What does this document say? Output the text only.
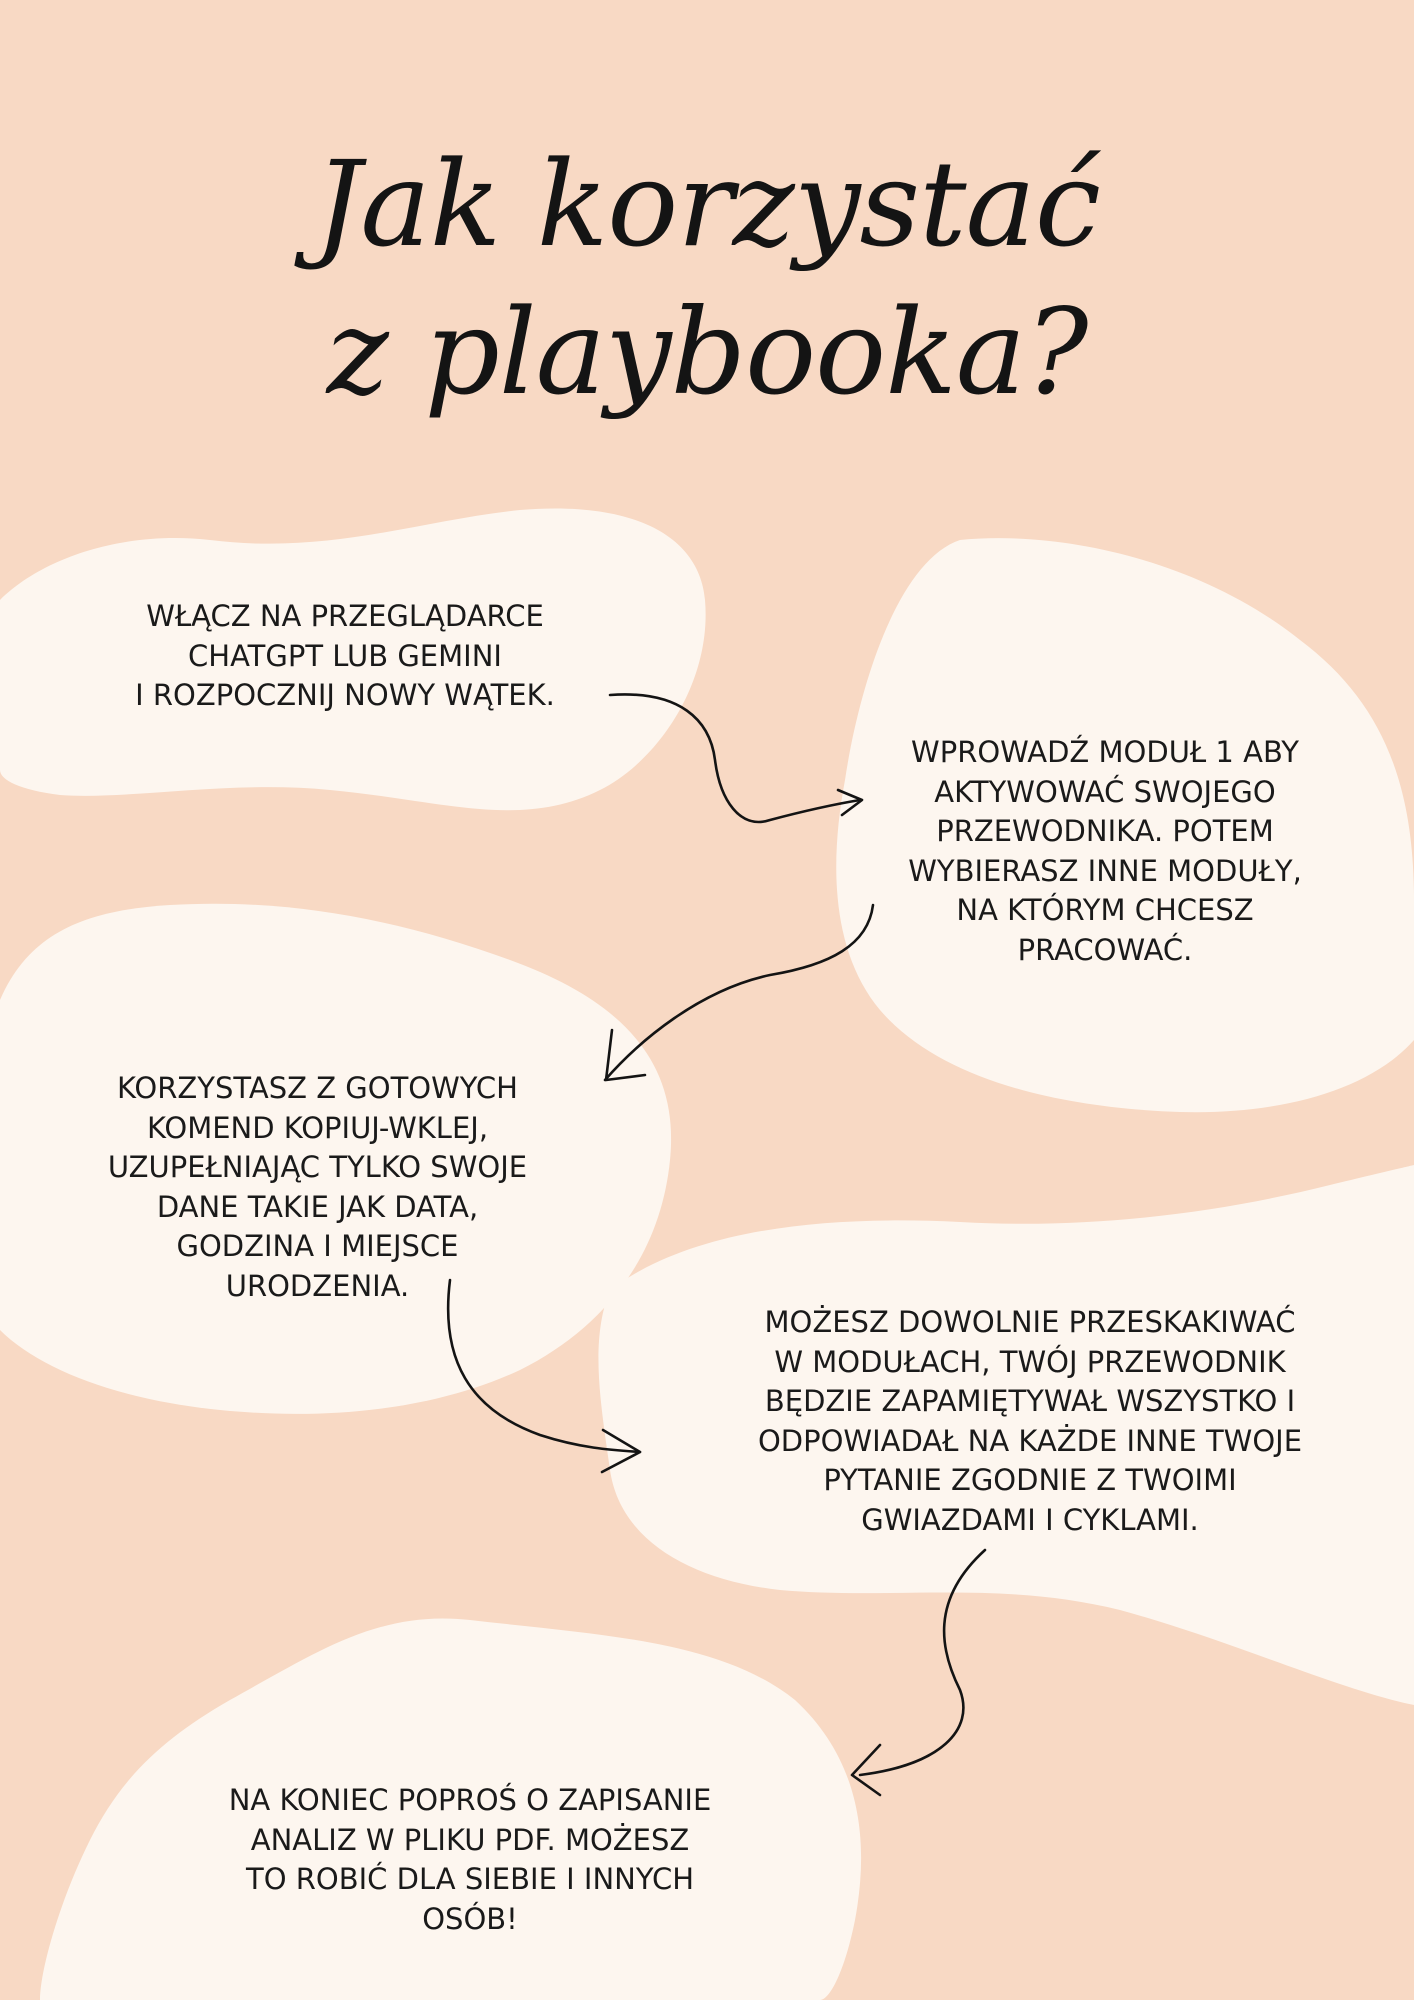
Jak korzystać
z playbooka?
WŁĄCZ NA PRZEGLĄDARCE
CHATGPT LUB GEMINI
I ROZPOCZNIJ NOWY WĄTEK.
WPROWADŹ MODUŁ 1 ABY
AKTYWOWAĆ SWOJEGO
PRZEWODNIKA. POTEM
WYBIERASZ INNE MODUŁY,
NA KTÓRYM CHCESZ
PRACOWAĆ.
KORZYSTASZ Z GOTOWYCH
KOMEND KOPIUJ-WKLEJ,
UZUPEŁNIAJĄC TYLKO SWOJE
DANE TAKIE JAK DATA,
GODZINA I MIEJSCE
URODZENIA.
MOŻESZ DOWOLNIE PRZESKAKIWAĆ
W MODUŁACH, TWÓJ PRZEWODNIK
BĘDZIE ZAPAMIĘTYWAŁ WSZYSTKO I
ODPOWIADAŁ NA KAŻDE INNE TWOJE
PYTANIE ZGODNIE Z TWOIMI
GWIAZDAMI I CYKLAMI.
NA KONIEC POPROŚ O ZAPISANIE
ANALIZ W PLIKU PDF. MOŻESZ
TO ROBIĆ DLA SIEBIE I INNYCH
OSÓB!
